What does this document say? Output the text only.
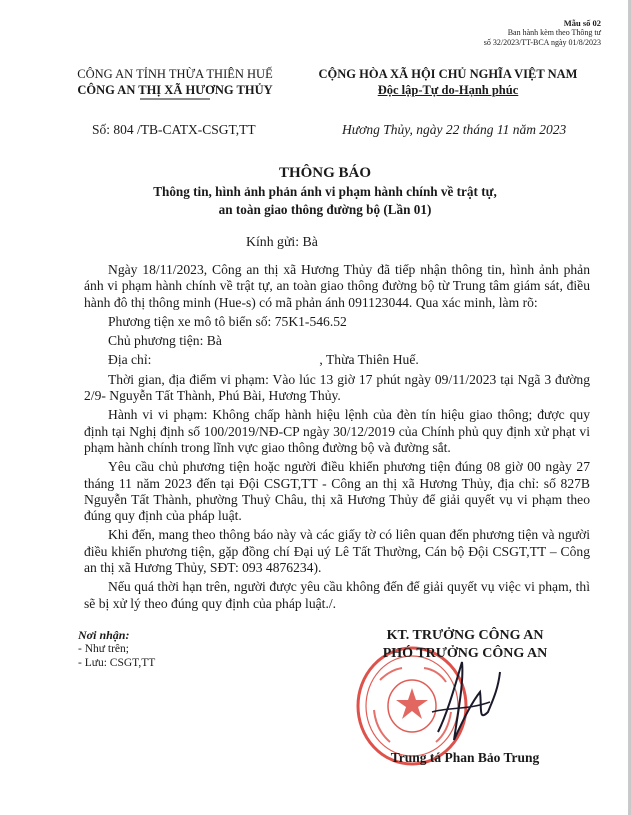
Mẫu số 02
Ban hành kèm theo Thông tư
số 32/2023/TT-BCA ngày 01/8/2023
CÔNG AN TỈNH THỪA THIÊN HUẾ
CÔNG AN THỊ XÃ HƯƠNG THỦY
CỘNG HÒA XÃ HỘI CHỦ NGHĨA VIỆT NAM
Độc lập-Tự do-Hạnh phúc
Số: 804 /TB-CATX-CSGT,TT	Hương Thủy, ngày 22 tháng 11 năm 2023
THÔNG BÁO
Thông tin, hình ảnh phản ánh vi phạm hành chính về trật tự,
an toàn giao thông đường bộ (Lần 01)
Kính gửi: Bà

Ngày 18/11/2023, Công an thị xã Hương Thủy đã tiếp nhận thông tin, hình ảnh phản ánh vi phạm hành chính về trật tự, an toàn giao thông đường bộ từ Trung tâm giám sát, điều hành đô thị thông minh (Hue-s) có mã phản ánh 091123044. Qua xác minh, làm rõ:

Phương tiện xe mô tô biển số: 75K1-546.52

Chủ phương tiện: Bà

Địa chỉ:	, Thừa Thiên Huế.

Thời gian, địa điểm vi phạm: Vào lúc 13 giờ 17 phút ngày 09/11/2023 tại Ngã 3 đường 2/9- Nguyễn Tất Thành, Phú Bài, Hương Thủy.

Hành vi vi phạm: Không chấp hành hiệu lệnh của đèn tín hiệu giao thông; được quy định tại Nghị định số 100/2019/NĐ-CP ngày 30/12/2019 của Chính phủ quy định xử phạt vi phạm hành chính trong lĩnh vực giao thông đường bộ và đường sắt.

Yêu cầu chủ phương tiện hoặc người điều khiển phương tiện đúng 08 giờ 00 ngày 27 tháng 11 năm 2023 đến tại Đội CSGT,TT - Công an thị xã Hương Thủy, địa chỉ: số 827B Nguyễn Tất Thành, phường Thuỷ Châu, thị xã Hương Thủy để giải quyết vụ vi phạm theo đúng quy định của pháp luật.

Khi đến, mang theo thông báo này và các giấy tờ có liên quan đến phương tiện và người điều khiển phương tiện, gặp đồng chí Đại uý Lê Tất Thường, Cán bộ Đội CSGT,TT – Công an thị xã Hương Thủy, SĐT: 093 4876234).

Nếu quá thời hạn trên, người được yêu cầu không đến để giải quyết vụ việc vi phạm, thì sẽ bị xử lý theo đúng quy định của pháp luật./.

Nơi nhận:
- Như trên;
- Lưu: CSGT,TT
KT. TRƯỞNG CÔNG AN
PHÓ TRƯỞNG CÔNG AN
Trung tá Phan Bảo Trung
